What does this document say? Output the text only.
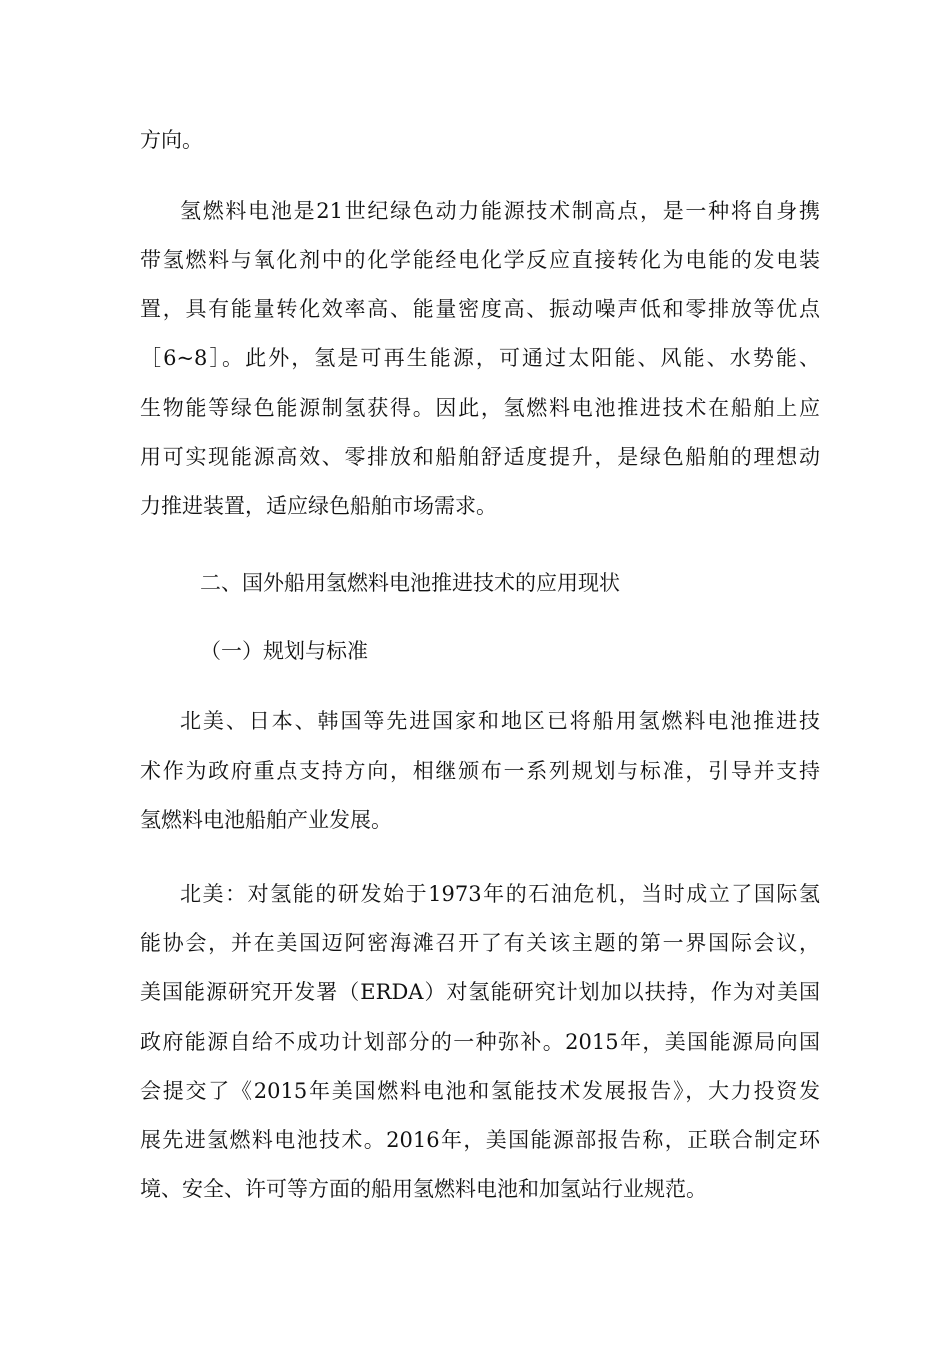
方向。
氢燃料电池是21世纪绿色动力能源技术制高点，是一种将自身携
带氢燃料与氧化剂中的化学能经电化学反应直接转化为电能的发电装
置，具有能量转化效率高、能量密度高、振动噪声低和零排放等优点
［6~8］。此外，氢是可再生能源，可通过太阳能、风能、水势能、
生物能等绿色能源制氢获得。因此，氢燃料电池推进技术在船舶上应
用可实现能源高效、零排放和船舶舒适度提升，是绿色船舶的理想动
力推进装置，适应绿色船舶市场需求。
二、国外船用氢燃料电池推进技术的应用现状
（一）规划与标准
北美、日本、韩国等先进国家和地区已将船用氢燃料电池推进技
术作为政府重点支持方向，相继颁布一系列规划与标准，引导并支持
氢燃料电池船舶产业发展。
北美：对氢能的研发始于1973年的石油危机，当时成立了国际氢
能协会，并在美国迈阿密海滩召开了有关该主题的第一界国际会议，
美国能源研究开发署（ERDA）对氢能研究计划加以扶持，作为对美国
政府能源自给不成功计划部分的一种弥补。2015年，美国能源局向国
会提交了《2015年美国燃料电池和氢能技术发展报告》，大力投资发
展先进氢燃料电池技术。2016年，美国能源部报告称，正联合制定环
境、安全、许可等方面的船用氢燃料电池和加氢站行业规范。
